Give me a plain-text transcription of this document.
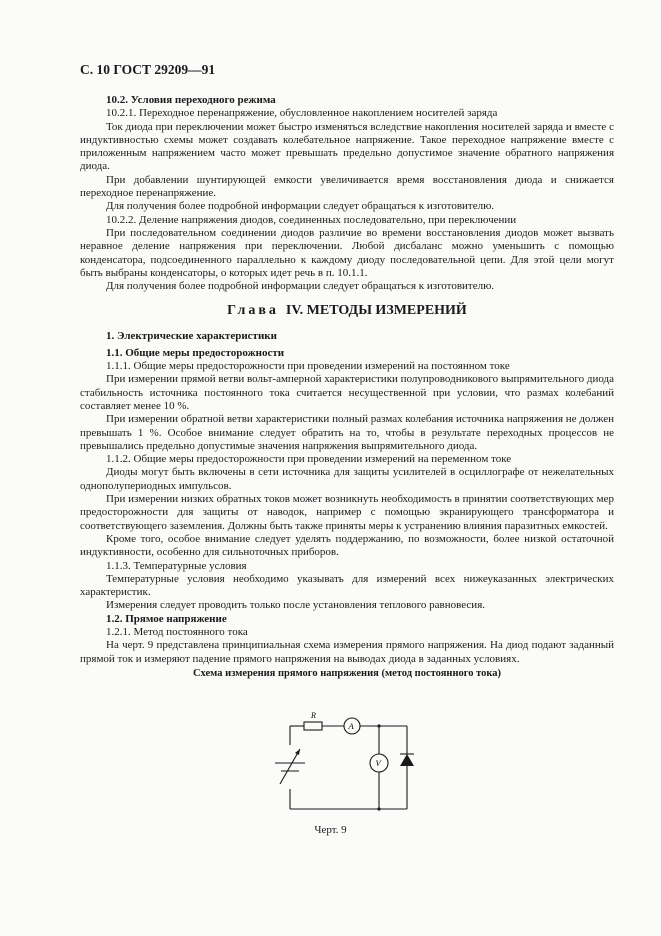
С. 10 ГОСТ 29209—91

10.2. Условия переходного режима

10.2.1. Переходное перенапряжение, обусловленное накоплением носителей заряда

Ток диода при переключении может быстро изменяться вследствие накопления носителей заряда и вместе с индуктивностью схемы может создавать колебательное напряжение. Такое переходное напряжение вместе с приложенным напряжением часто может превышать предельно допустимое значение обратного напряжения диода.

При добавлении шунтирующей емкости увеличивается время восстановления диода и снижается переходное перенапряжение.

Для получения более подробной информации следует обращаться к изготовителю.

10.2.2. Деление напряжения диодов, соединенных последовательно, при переключении

При последовательном соединении диодов различие во времени восстановления диодов может вызвать неравное деление напряжения при переключении. Любой дисбаланс можно уменьшить с помощью конденсатора, подсоединенного параллельно к каждому диоду последовательной цепи. Для этой цели могут быть выбраны конденсаторы, о которых идет речь в п. 10.1.1.

Для получения более подробной информации следует обращаться к изготовителю.

Глава IV. МЕТОДЫ ИЗМЕРЕНИЙ

1. Электрические характеристики

1.1. Общие меры предосторожности

1.1.1. Общие меры предосторожности при проведении измерений на постоянном токе

При измерении прямой ветви вольт-амперной характеристики полупроводникового выпрямительного диода стабильность источника постоянного тока считается несущественной при условии, что размах колебаний составляет менее 10 %.

При измерении обратной ветви характеристики полный размах колебания источника напряжения не должен превышать 1 %. Особое внимание следует обратить на то, чтобы в результате переходных процессов не превышались предельно допустимые значения напряжения выпрямительного диода.

1.1.2. Общие меры предосторожности при проведении измерений на переменном токе

Диоды могут быть включены в сети источника для защиты усилителей в осциллографе от нежелательных однополупериодных импульсов.

При измерении низких обратных токов может возникнуть необходимость в принятии соответствующих мер предосторожности для защиты от наводок, например с помощью экранирующего трансформатора и соответствующего заземления. Должны быть также приняты меры к устранению влияния паразитных емкостей.

Кроме того, особое внимание следует уделять поддержанию, по возможности, более низкой остаточной индуктивности, особенно для сильноточных приборов.

1.1.3. Температурные условия

Температурные условия необходимо указывать для измерений всех нижеуказанных электрических характеристик.

Измерения следует проводить только после установления теплового равновесия.

1.2. Прямое напряжение

1.2.1. Метод постоянного тока

На черт. 9 представлена принципиальная схема измерения прямого напряжения. На диод подают заданный прямой ток и измеряют падение прямого напряжения на выводах диода в заданных условиях.

Схема измерения прямого напряжения (метод постоянного тока)

R
A
V
Черт. 9
